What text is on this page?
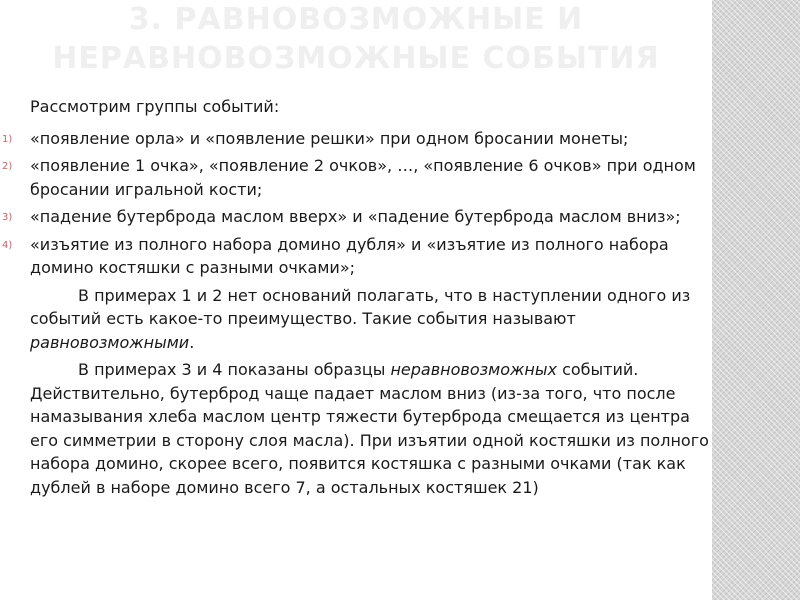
3. РАВНОВОЗМОЖНЫЕ И
НЕРАВНОВОЗМОЖНЫЕ СОБЫТИЯ

Рассмотрим группы событий:

1) «появление орла» и «появление решки» при одном бросании монеты;
2) «появление 1 очка», «появление 2 очков», …, «появление 6 очков» при одном бросании игральной кости;
3) «падение бутерброда маслом вверх» и «падение бутерброда маслом вниз»;
4) «изъятие из полного набора домино дубля» и «изъятие из полного набора домино костяшки с разными очками»;

В примерах 1 и 2 нет оснований полагать, что в наступлении одного из событий есть какое-то преимущество. Такие события называют равновозможными.

В примерах 3 и 4 показаны образцы неравновозможных событий. Действительно, бутерброд чаще падает маслом вниз (из-за того, что после намазывания хлеба маслом центр тяжести бутерброда смещается из центра его симметрии в сторону слоя масла). При изъятии одной костяшки из полного набора домино, скорее всего, появится костяшка с разными очками (так как дублей в наборе домино всего 7, а остальных костяшек 21)
